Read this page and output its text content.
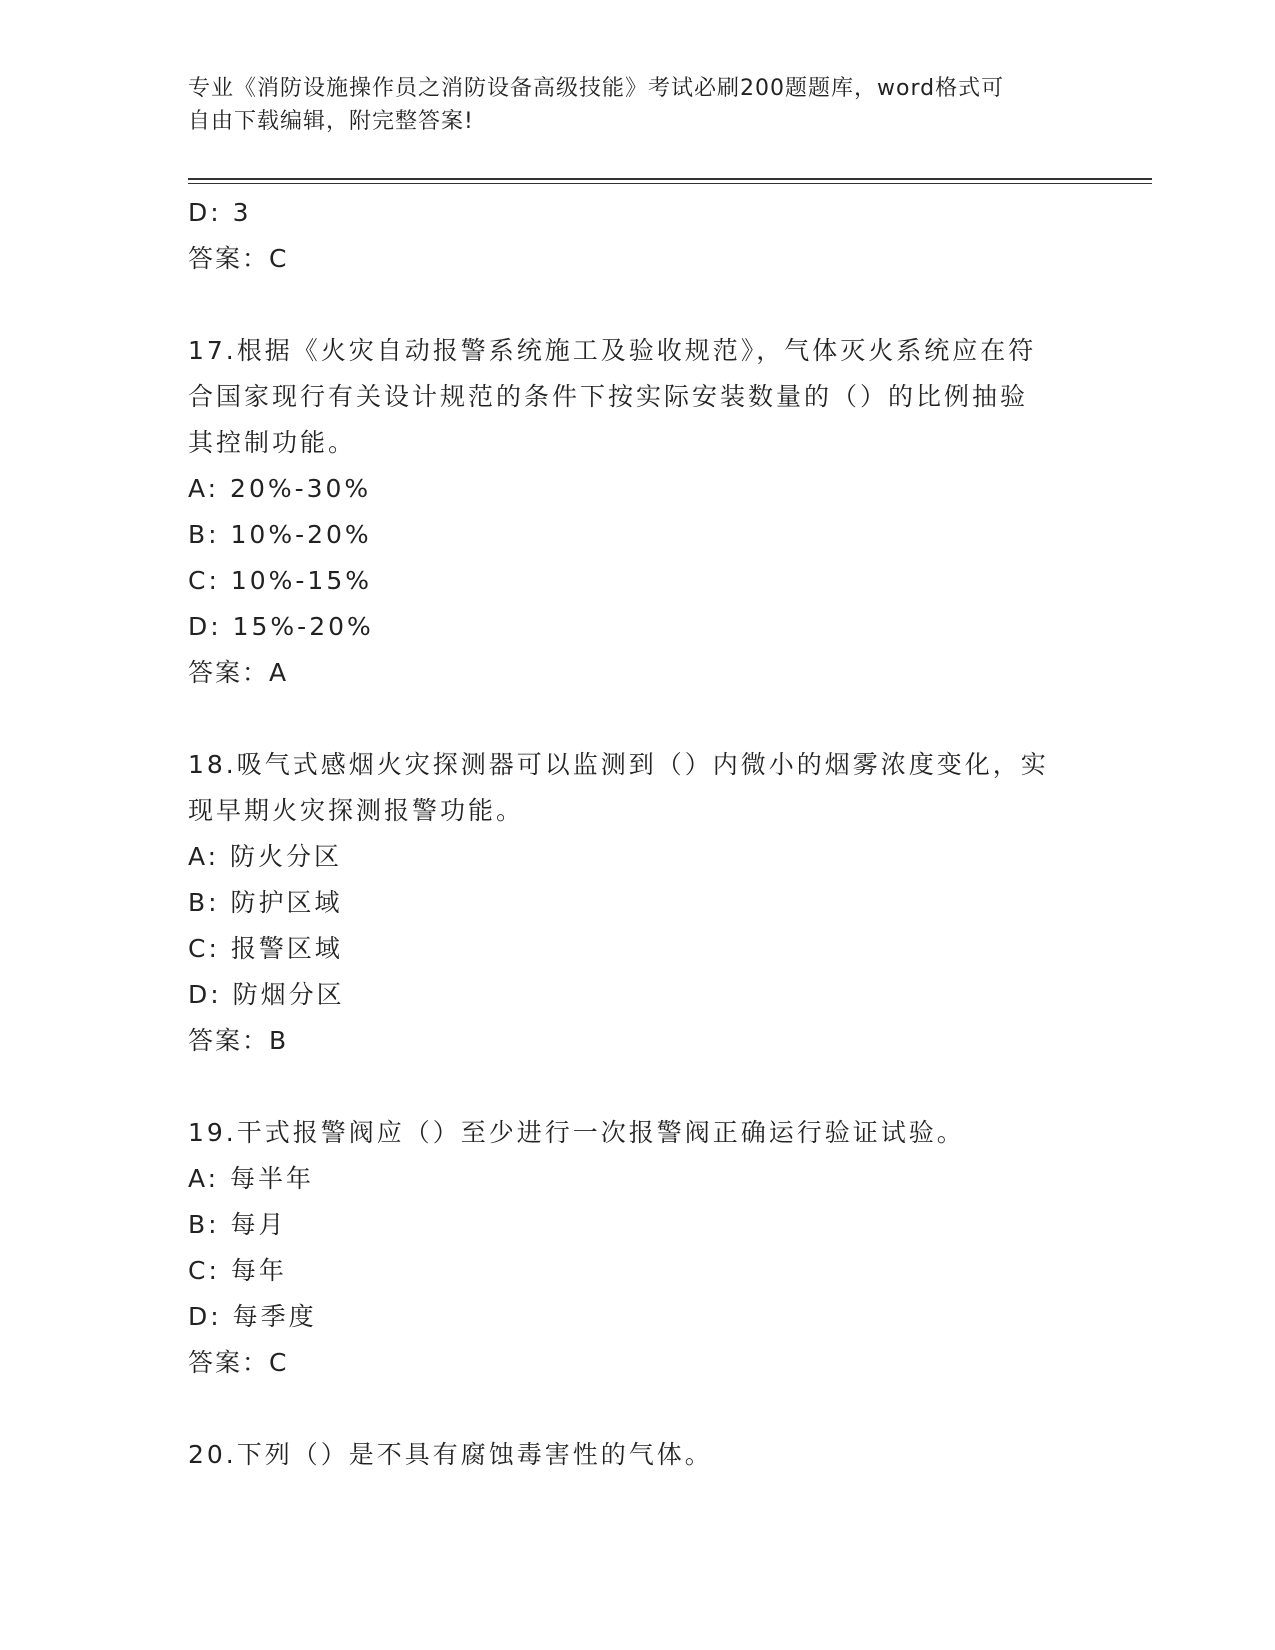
专业《消防设施操作员之消防设备高级技能》考试必刷200题题库，word格式可
自由下载编辑，附完整答案!
D: 3
答案：C
17.根据《火灾自动报警系统施工及验收规范》，气体灭火系统应在符
合国家现行有关设计规范的条件下按实际安装数量的（）的比例抽验
其控制功能。
A: 20%-30%
B: 10%-20%
C: 10%-15%
D: 15%-20%
答案：A
18.吸气式感烟火灾探测器可以监测到（）内微小的烟雾浓度变化，实
现早期火灾探测报警功能。
A: 防火分区
B: 防护区域
C: 报警区域
D: 防烟分区
答案：B
19.干式报警阀应（）至少进行一次报警阀正确运行验证试验。
A: 每半年
B: 每月
C: 每年
D: 每季度
答案：C
20.下列（）是不具有腐蚀毒害性的气体。
